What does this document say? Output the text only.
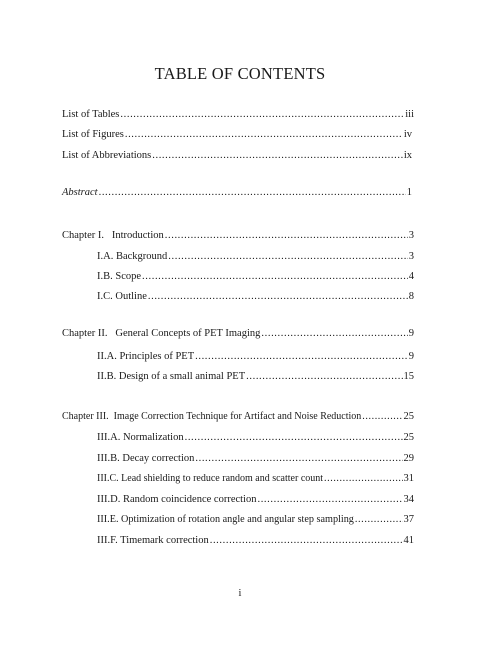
TABLE OF CONTENTS
List of Tables .....	iii
List of Figures .....	iv
List of Abbreviations .....	ix
Abstract .....	1
Chapter I.   Introduction .....	3
I.A. Background .....	3
I.B. Scope .....	4
I.C. Outline .....	8
Chapter II.   General Concepts of PET Imaging .....	9
II.A. Principles of PET .....	9
II.B. Design of a small animal PET .....	15
Chapter III.  Image Correction Technique for Artifact and Noise Reduction .....	25
III.A. Normalization .....	25
III.B. Decay correction .....	29
III.C. Lead shielding to reduce random and scatter count .....	31
III.D. Random coincidence correction .....	34
III.E. Optimization of rotation angle and angular step sampling .....	37
III.F. Timemark correction .....	41
i
